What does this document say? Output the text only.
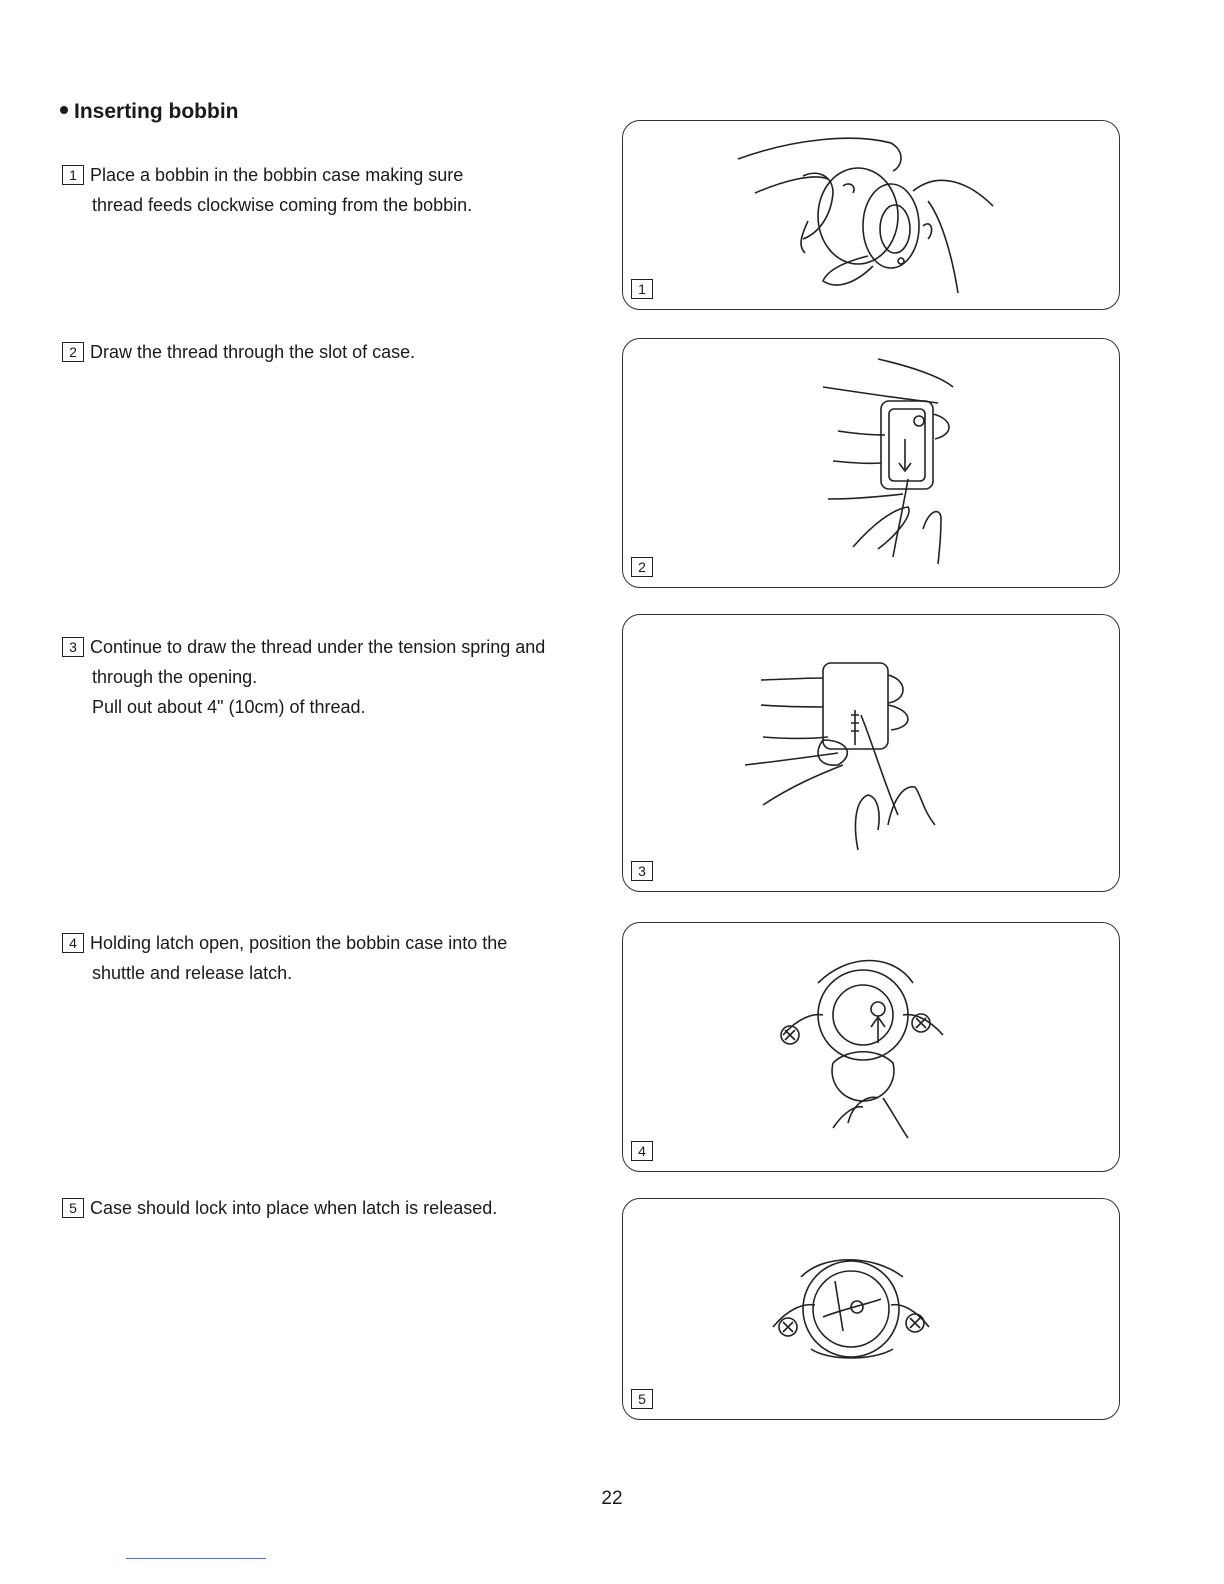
Inserting bobbin
1 Place a bobbin in the bobbin case making sure
thread feeds clockwise coming from the bobbin.
2 Draw the thread through the slot of case.
3 Continue to draw the thread under the tension spring and
through the opening.
Pull out about 4" (10cm) of thread.
4 Holding latch open, position the bobbin case into the
shuttle and release latch.
5 Case should lock into place when latch is released.
1
2
3
4
5
22
